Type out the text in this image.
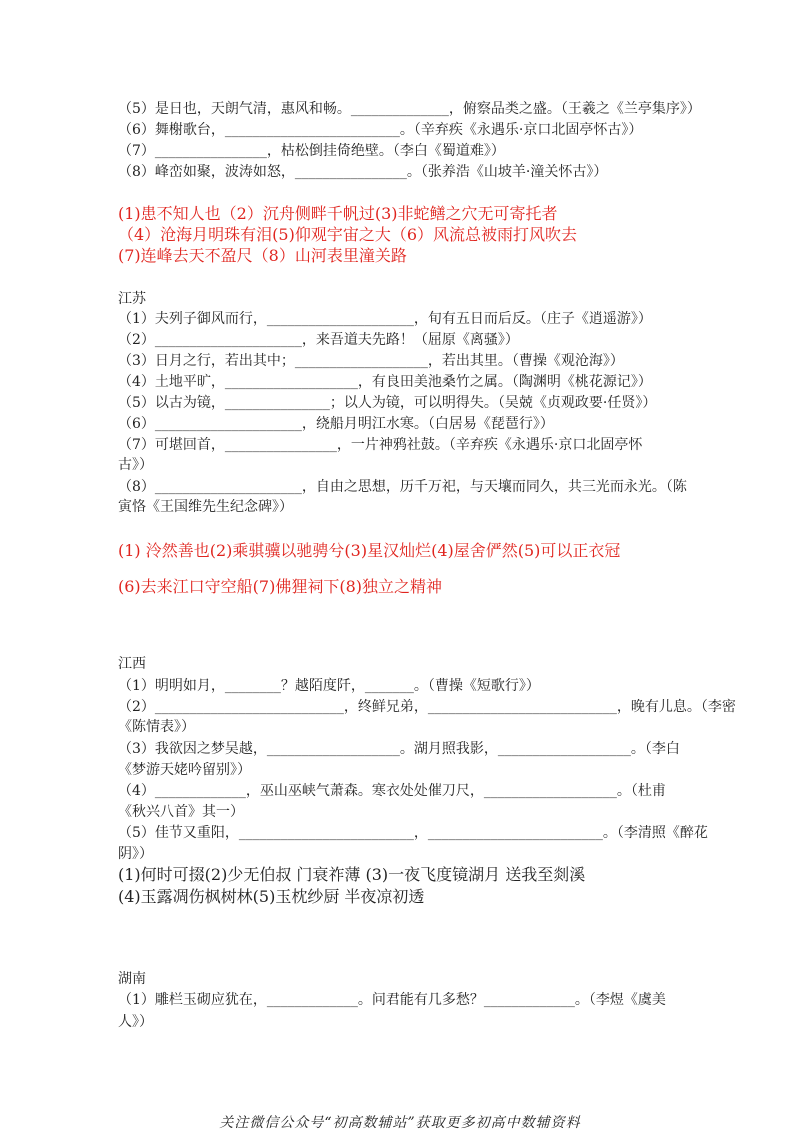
（5）是日也，天朗气清，惠风和畅。______________，俯察品类之盛。（王羲之《兰亭集序》）
（6）舞榭歌台，_________________________。（辛弃疾《永遇乐·京口北固亭怀古》）
（7）________________，枯松倒挂倚绝壁。（李白《蜀道难》）
（8）峰峦如聚，波涛如怒，________________。（张养浩《山坡羊·潼关怀古》）
(1)患不知人也（2）沉舟侧畔千帆过(3)非蛇鳝之穴无可寄托者
（4）沧海月明珠有泪(5)仰观宇宙之大（6）风流总被雨打风吹去
(7)连峰去天不盈尺（8）山河表里潼关路
江苏
（1）夫列子御风而行，_____________________，旬有五日而后反。（庄子《逍遥游》）
（2）_____________________，来吾道夫先路！（屈原《离骚》）
（3）日月之行，若出其中；___________________，若出其里。（曹操《观沧海》）
（4）土地平旷，___________________，有良田美池桑竹之属。（陶渊明《桃花源记》）
（5）以古为镜，_______________；以人为镜，可以明得失。（吴兢《贞观政要·任贤》）
（6）_____________________，绕船月明江水寒。（白居易《琵琶行》）
（7）可堪回首，________________，一片神鸦社鼓。（辛弃疾《永遇乐·京口北固亭怀
古》）
（8）_____________________，自由之思想，历千万祀，与天壤而同久，共三光而永光。（陈
寅恪《王国维先生纪念碑》）
(1) 泠然善也(2)乘骐骥以驰骋兮(3)星汉灿烂(4)屋舍俨然(5)可以正衣冠
(6)去来江口守空船(7)佛狸祠下(8)独立之精神
江西
（1）明明如月，________？越陌度阡，_______。（曹操《短歌行》）
（2）___________________________，终鲜兄弟，___________________________，晚有儿息。（李密
《陈情表》）
（3）我欲因之梦吴越，___________________。湖月照我影，___________________。（李白
《梦游天姥吟留别》）
（4）_____________，巫山巫峡气萧森。寒衣处处催刀尺，___________________。（杜甫
《秋兴八首》其一）
（5）佳节又重阳，_________________________，_________________________。（李清照《醉花
阴》）
(1)何时可掇(2)少无伯叔 门衰祚薄 (3)一夜飞度镜湖月 送我至剡溪
(4)玉露凋伤枫树林(5)玉枕纱厨 半夜凉初透
湖南
（1）雕栏玉砌应犹在，_____________。问君能有几多愁？_____________。（李煜《虞美
人》）
关注微信公众号“初高数辅站”获取更多初高中数辅资料
